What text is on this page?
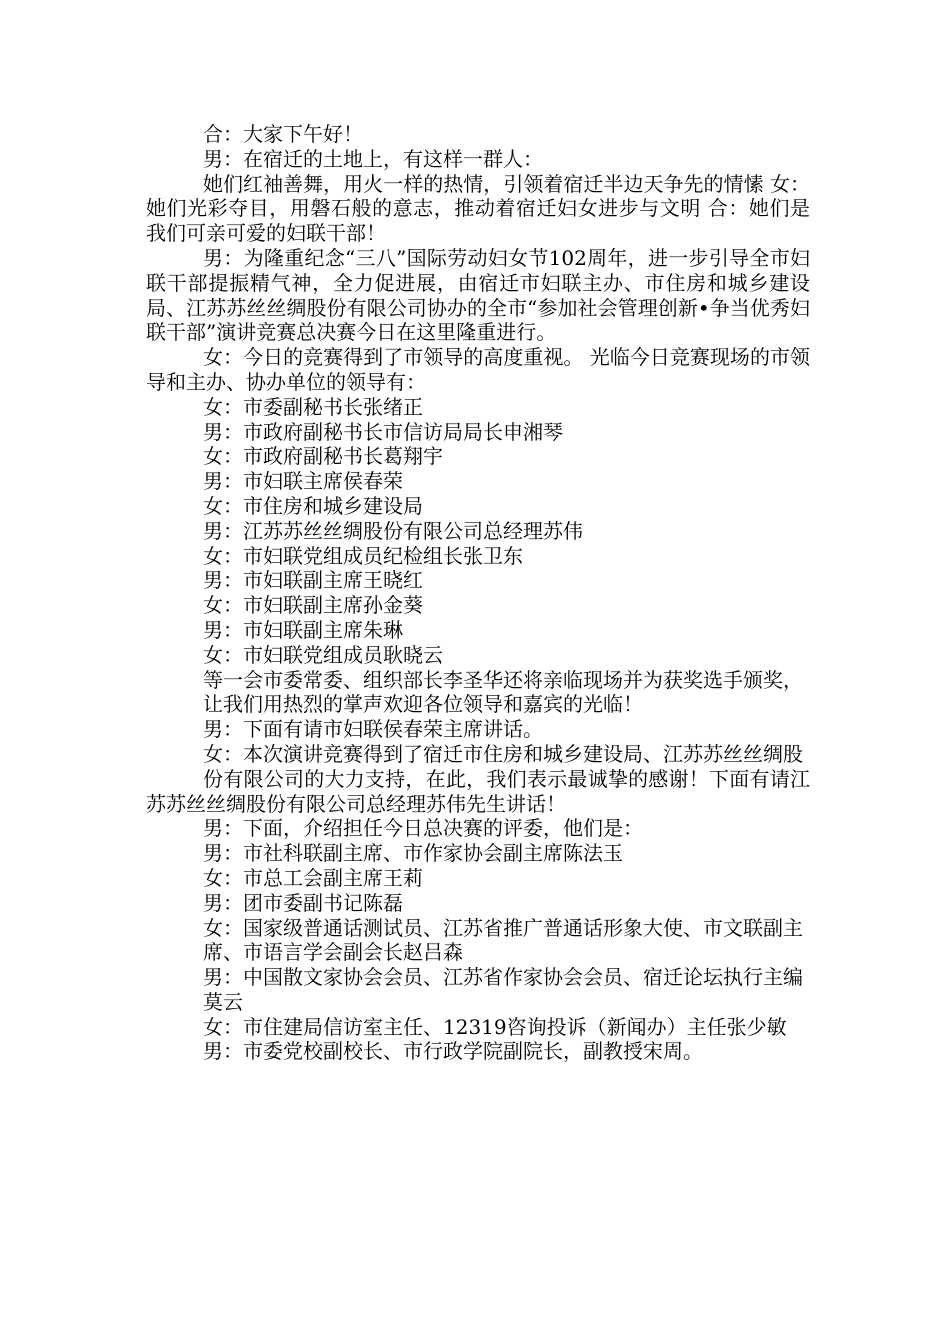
合：大家下午好！

男：在宿迁的土地上，有这样一群人：

她们红袖善舞，用火一样的热情，引领着宿迁半边天争先的情愫 女：她们光彩夺目，用磐石般的意志，推动着宿迁妇女进步与文明 合：她们是我们可亲可爱的妇联干部！

男：为隆重纪念“三八”国际劳动妇女节102周年，进一步引导全市妇联干部提振精气神，全力促进展，由宿迁市妇联主办、市住房和城乡建设局、江苏苏丝丝绸股份有限公司协办的全市“参加社会管理创新•争当优秀妇联干部”演讲竞赛总决赛今日在这里隆重进行。

女：今日的竞赛得到了市领导的高度重视。 光临今日竞赛现场的市领导和主办、协办单位的领导有：

女：市委副秘书长张绪正

男：市政府副秘书长市信访局局长申湘琴

女：市政府副秘书长葛翔宇

男：市妇联主席侯春荣

女：市住房和城乡建设局

男：江苏苏丝丝绸股份有限公司总经理苏伟

女：市妇联党组成员纪检组长张卫东

男：市妇联副主席王晓红

女：市妇联副主席孙金葵

男：市妇联副主席朱琳

女：市妇联党组成员耿晓云

等一会市委常委、组织部长李圣华还将亲临现场并为获奖选手颁奖，

让我们用热烈的掌声欢迎各位领导和嘉宾的光临！

男：下面有请市妇联侯春荣主席讲话。

女：本次演讲竞赛得到了宿迁市住房和城乡建设局、江苏苏丝丝绸股

份有限公司的大力支持，在此，我们表示最诚挚的感谢！下面有请江苏苏丝丝绸股份有限公司总经理苏伟先生讲话！

男：下面，介绍担任今日总决赛的评委，他们是：

男：市社科联副主席、市作家协会副主席陈法玉

女：市总工会副主席王莉

男：团市委副书记陈磊

女：国家级普通话测试员、江苏省推广普通话形象大使、市文联副主

席、市语言学会副会长赵吕森

男：中国散文家协会会员、江苏省作家协会会员、宿迁论坛执行主编

莫云

女：市住建局信访室主任、12319咨询投诉（新闻办）主任张少敏

男：市委党校副校长、市行政学院副院长，副教授宋周。
